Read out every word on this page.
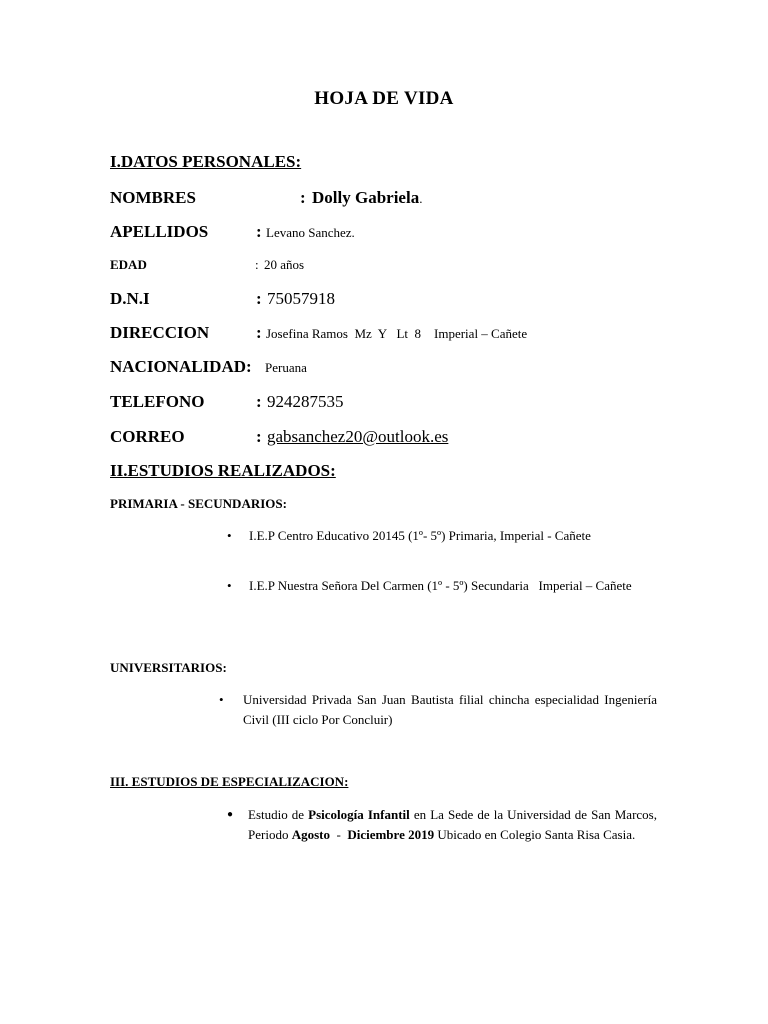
HOJA DE VIDA
I.DATOS PERSONALES:
NOMBRES	: Dolly Gabriela.
APELLIDOS	: Levano Sanchez.
EDAD	: 20 años
D.N.I	: 75057918
DIRECCION	: Josefina Ramos  Mz  Y   Lt  8    Imperial – Cañete
NACIONALIDAD: Peruana
TELEFONO	: 924287535
CORREO	: gabsanchez20@outlook.es
II.ESTUDIOS REALIZADOS:
PRIMARIA - SECUNDARIOS:
• I.E.P Centro Educativo 20145 (1º- 5º) Primaria, Imperial - Cañete
• I.E.P Nuestra Señora Del Carmen (1º - 5º) Secundaria   Imperial – Cañete
UNIVERSITARIOS:
• Universidad Privada San Juan Bautista filial chincha especialidad Ingeniería Civil (III ciclo Por Concluir)
III. ESTUDIOS DE ESPECIALIZACION:
● Estudio de Psicología Infantil en La Sede de la Universidad de San Marcos, Periodo Agosto  -  Diciembre 2019 Ubicado en Colegio Santa Risa Casia.
